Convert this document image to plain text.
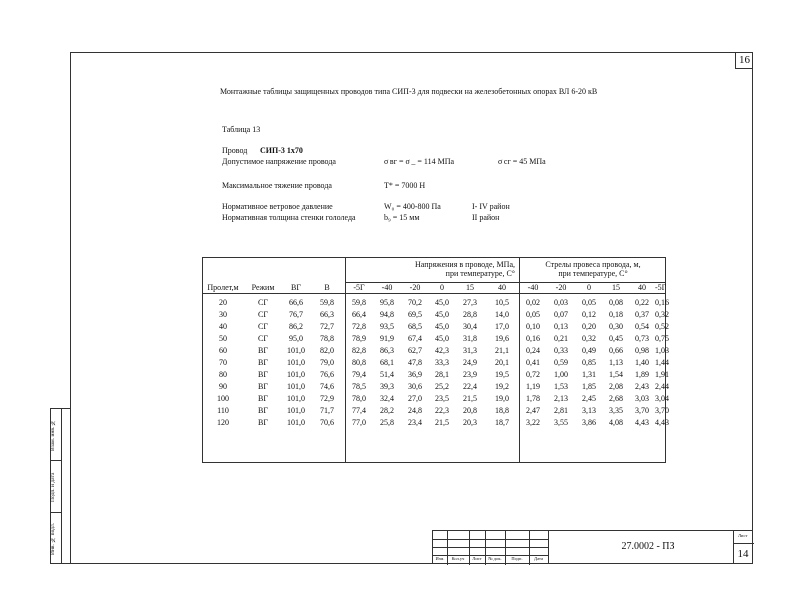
16
Монтажные таблицы защищенных проводов типа СИП-3 для подвески на железобетонных опорах ВЛ 6-20 кВ
Таблица 13
Провод СИП-3 1х70
Допустимое напряжение провода	σ вг = σ _ = 114 МПа	σ сг = 45 МПа
Максимальное тяжение провода	Т* = 7000 Н
Нормативное ветровое давление	W₀ = 400-800 Па	I- IV район
Нормативная толщина стенки гололеда	b₉ = 15 мм	II район
Инв. № подл.
Подп. и дата
Взам. инв. №
Напряжения в проводе, МПа,
при температуре, С°
Стрелы провеса провода, м,
при температуре, С°
Пролет,м	Режим	ВГ	В	-5Г	-40	-20	0	15	40	-40	-20	0	15	40	-5Г
20	СГ	66,6	59,8	59,8	95,8	70,2	45,0	27,3	10,5	0,02	0,03	0,05	0,08	0,22 0,16
30	СГ	76,7	66,3	66,4	94,8	69,5	45,0	28,8	14,0	0,05	0,07	0,12	0,18	0,37 0,32
40	СГ	86,2	72,7	72,8	93,5	68,5	45,0	30,4	17,0	0,10	0,13	0,20	0,30	0,54 0,52
50	СГ	95,0	78,8	78,9	91,9	67,4	45,0	31,8	19,6	0,16	0,21	0,32	0,45	0,73 0,75
60	ВГ	101,0	82,0	82,8	86,3	62,7	42,3	31,3	21,1	0,24	0,33	0,49	0,66	0,98 1,03
70	ВГ	101,0	79,0	80,8	68,1	47,8	33,3	24,9	20,1	0,41	0,59	0,85	1,13	1,40 1,44
80	ВГ	101,0	76,6	79,4	51,4	36,9	28,1	23,9	19,5	0,72	1,00	1,31	1,54	1,89 1,91
90	ВГ	101,0	74,6	78,5	39,3	30,6	25,2	22,4	19,2	1,19	1,53	1,85	2,08	2,43 2,44
100	ВГ	101,0	72,9	78,0	32,4	27,0	23,5	21,5	19,0	1,78	2,13	2,45	2,68	3,03 3,04
110	ВГ	101,0	71,7	77,4	28,2	24,8	22,3	20,8	18,8	2,47	2,81	3,13	3,35	3,70 3,70
120	ВГ	101,0	70,6	77,0	25,8	23,4	21,5	20,3	18,7	3,22	3,55	3,86	4,08	4,43 4,43
Изм.	Кол.уч	Лист	№ док.	Подп.	Дата
27.0002 - ПЗ
Лист
14
